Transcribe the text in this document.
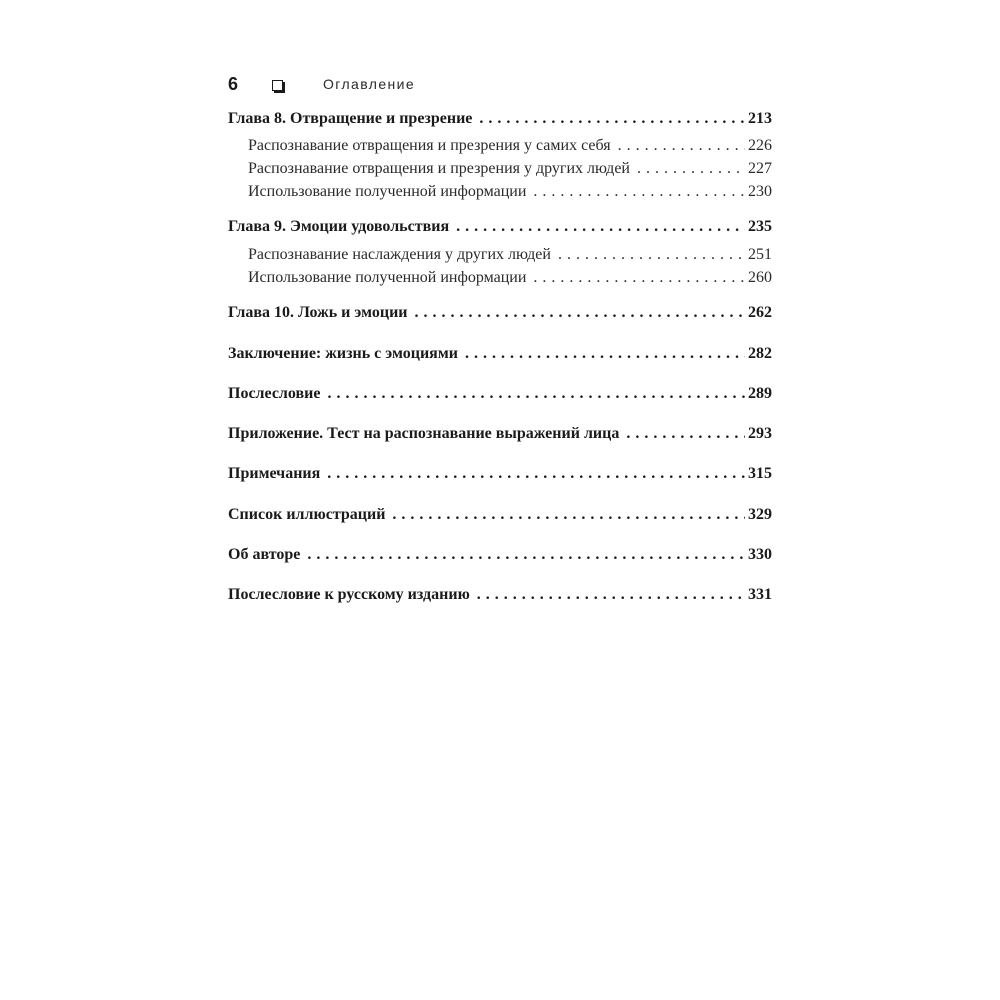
6	Оглавление
Глава 8. Отвращение и презрение . . .	213
Распознавание отвращения и презрения у самих себя . . .	226
Распознавание отвращения и презрения у других людей . . .	227
Использование полученной информации . . .	230
Глава 9. Эмоции удовольствия . . .	235
Распознавание наслаждения у других людей . . .	251
Использование полученной информации . . .	260
Глава 10. Ложь и эмоции . . .	262
Заключение: жизнь с эмоциями . . .	282
Послесловие . . .	289
Приложение. Тест на распознавание выражений лица . . .	293
Примечания . . .	315
Список иллюстраций . . .	329
Об авторе . . .	330
Послесловие к русскому изданию . . .	331
